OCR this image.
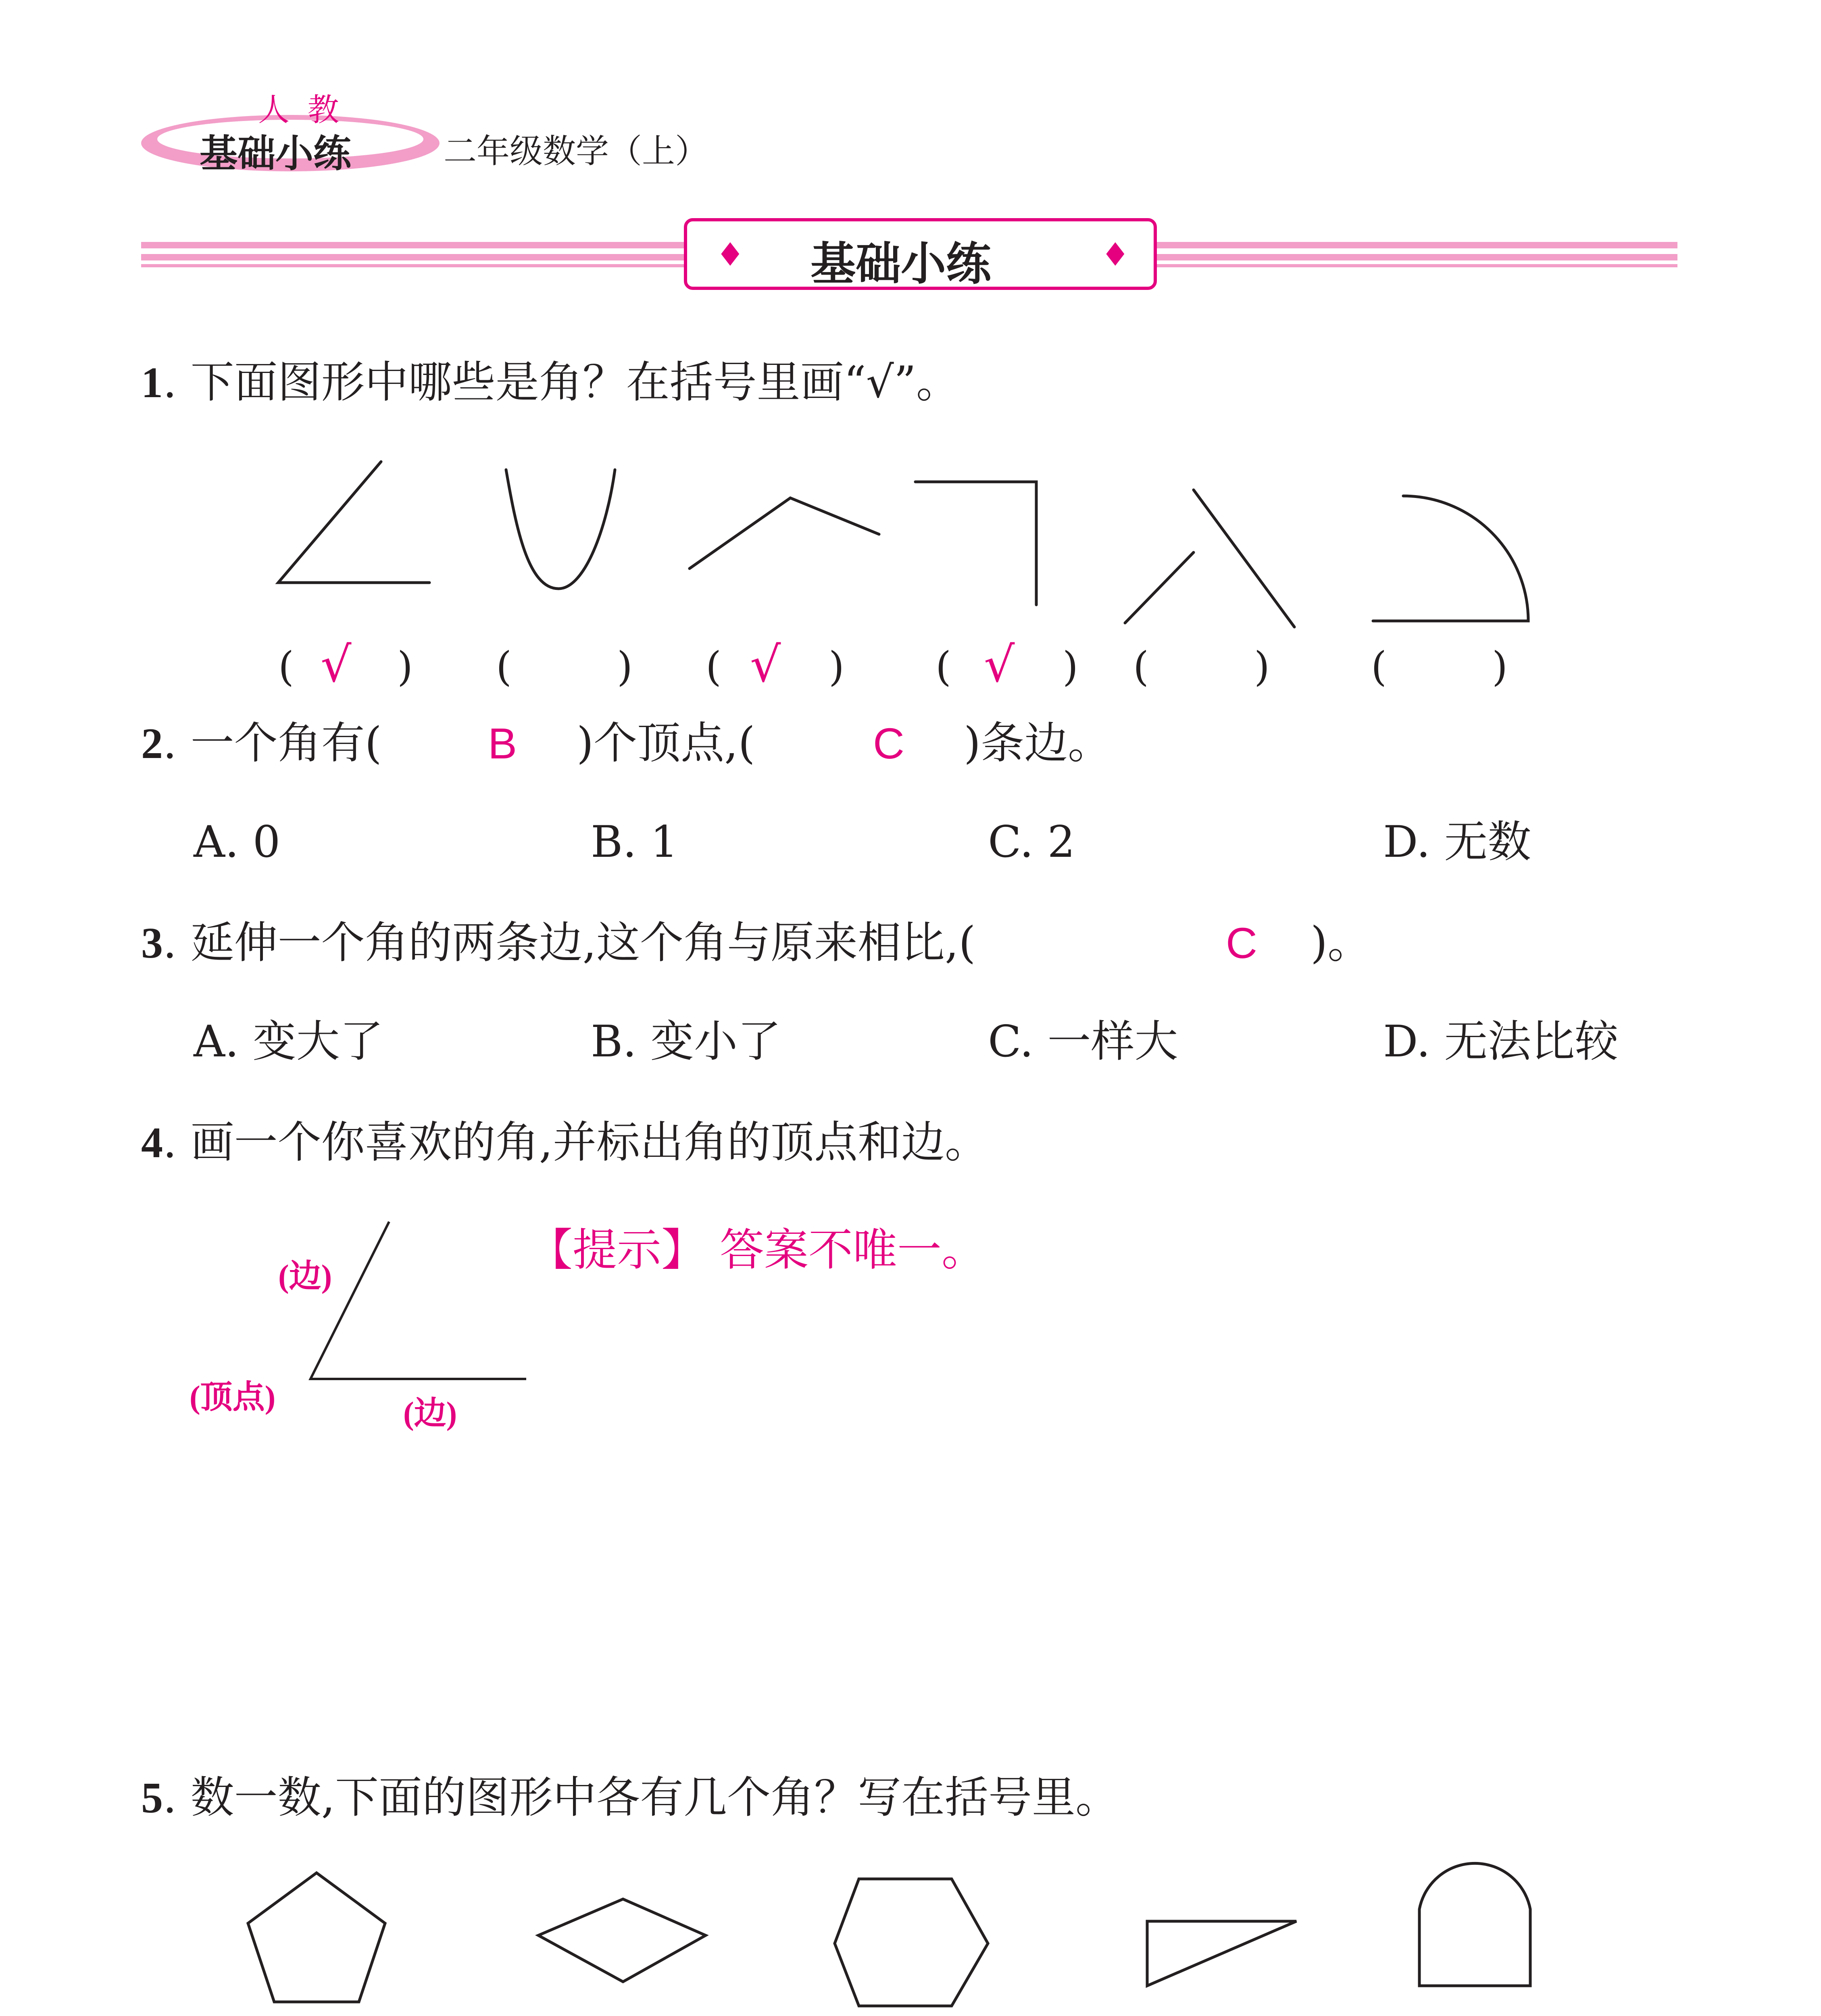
人 教
基础小练	二年级数学（上）
♦ 基础小练	♦
1. 下面图形中哪些是角？在括号里画“√”。
( √ ) (	) ( √ ) ( √ ) (	)	(	)
2. 一个角有( B )个顶点,(	C )条边。
A. 0	B. 1	C. 2	D. 无数
3. 延伸一个角的两条边,这个角与原来相比,(	C )。
A. 变大了	B. 变小了	C. 一样大	D. 无法比较
4. 画一个你喜欢的角,并标出角的顶点和边。
(边)
(顶点)	(边)
【提示】 答案不唯一。
5. 数一数,下面的图形中各有几个角？写在括号里。
